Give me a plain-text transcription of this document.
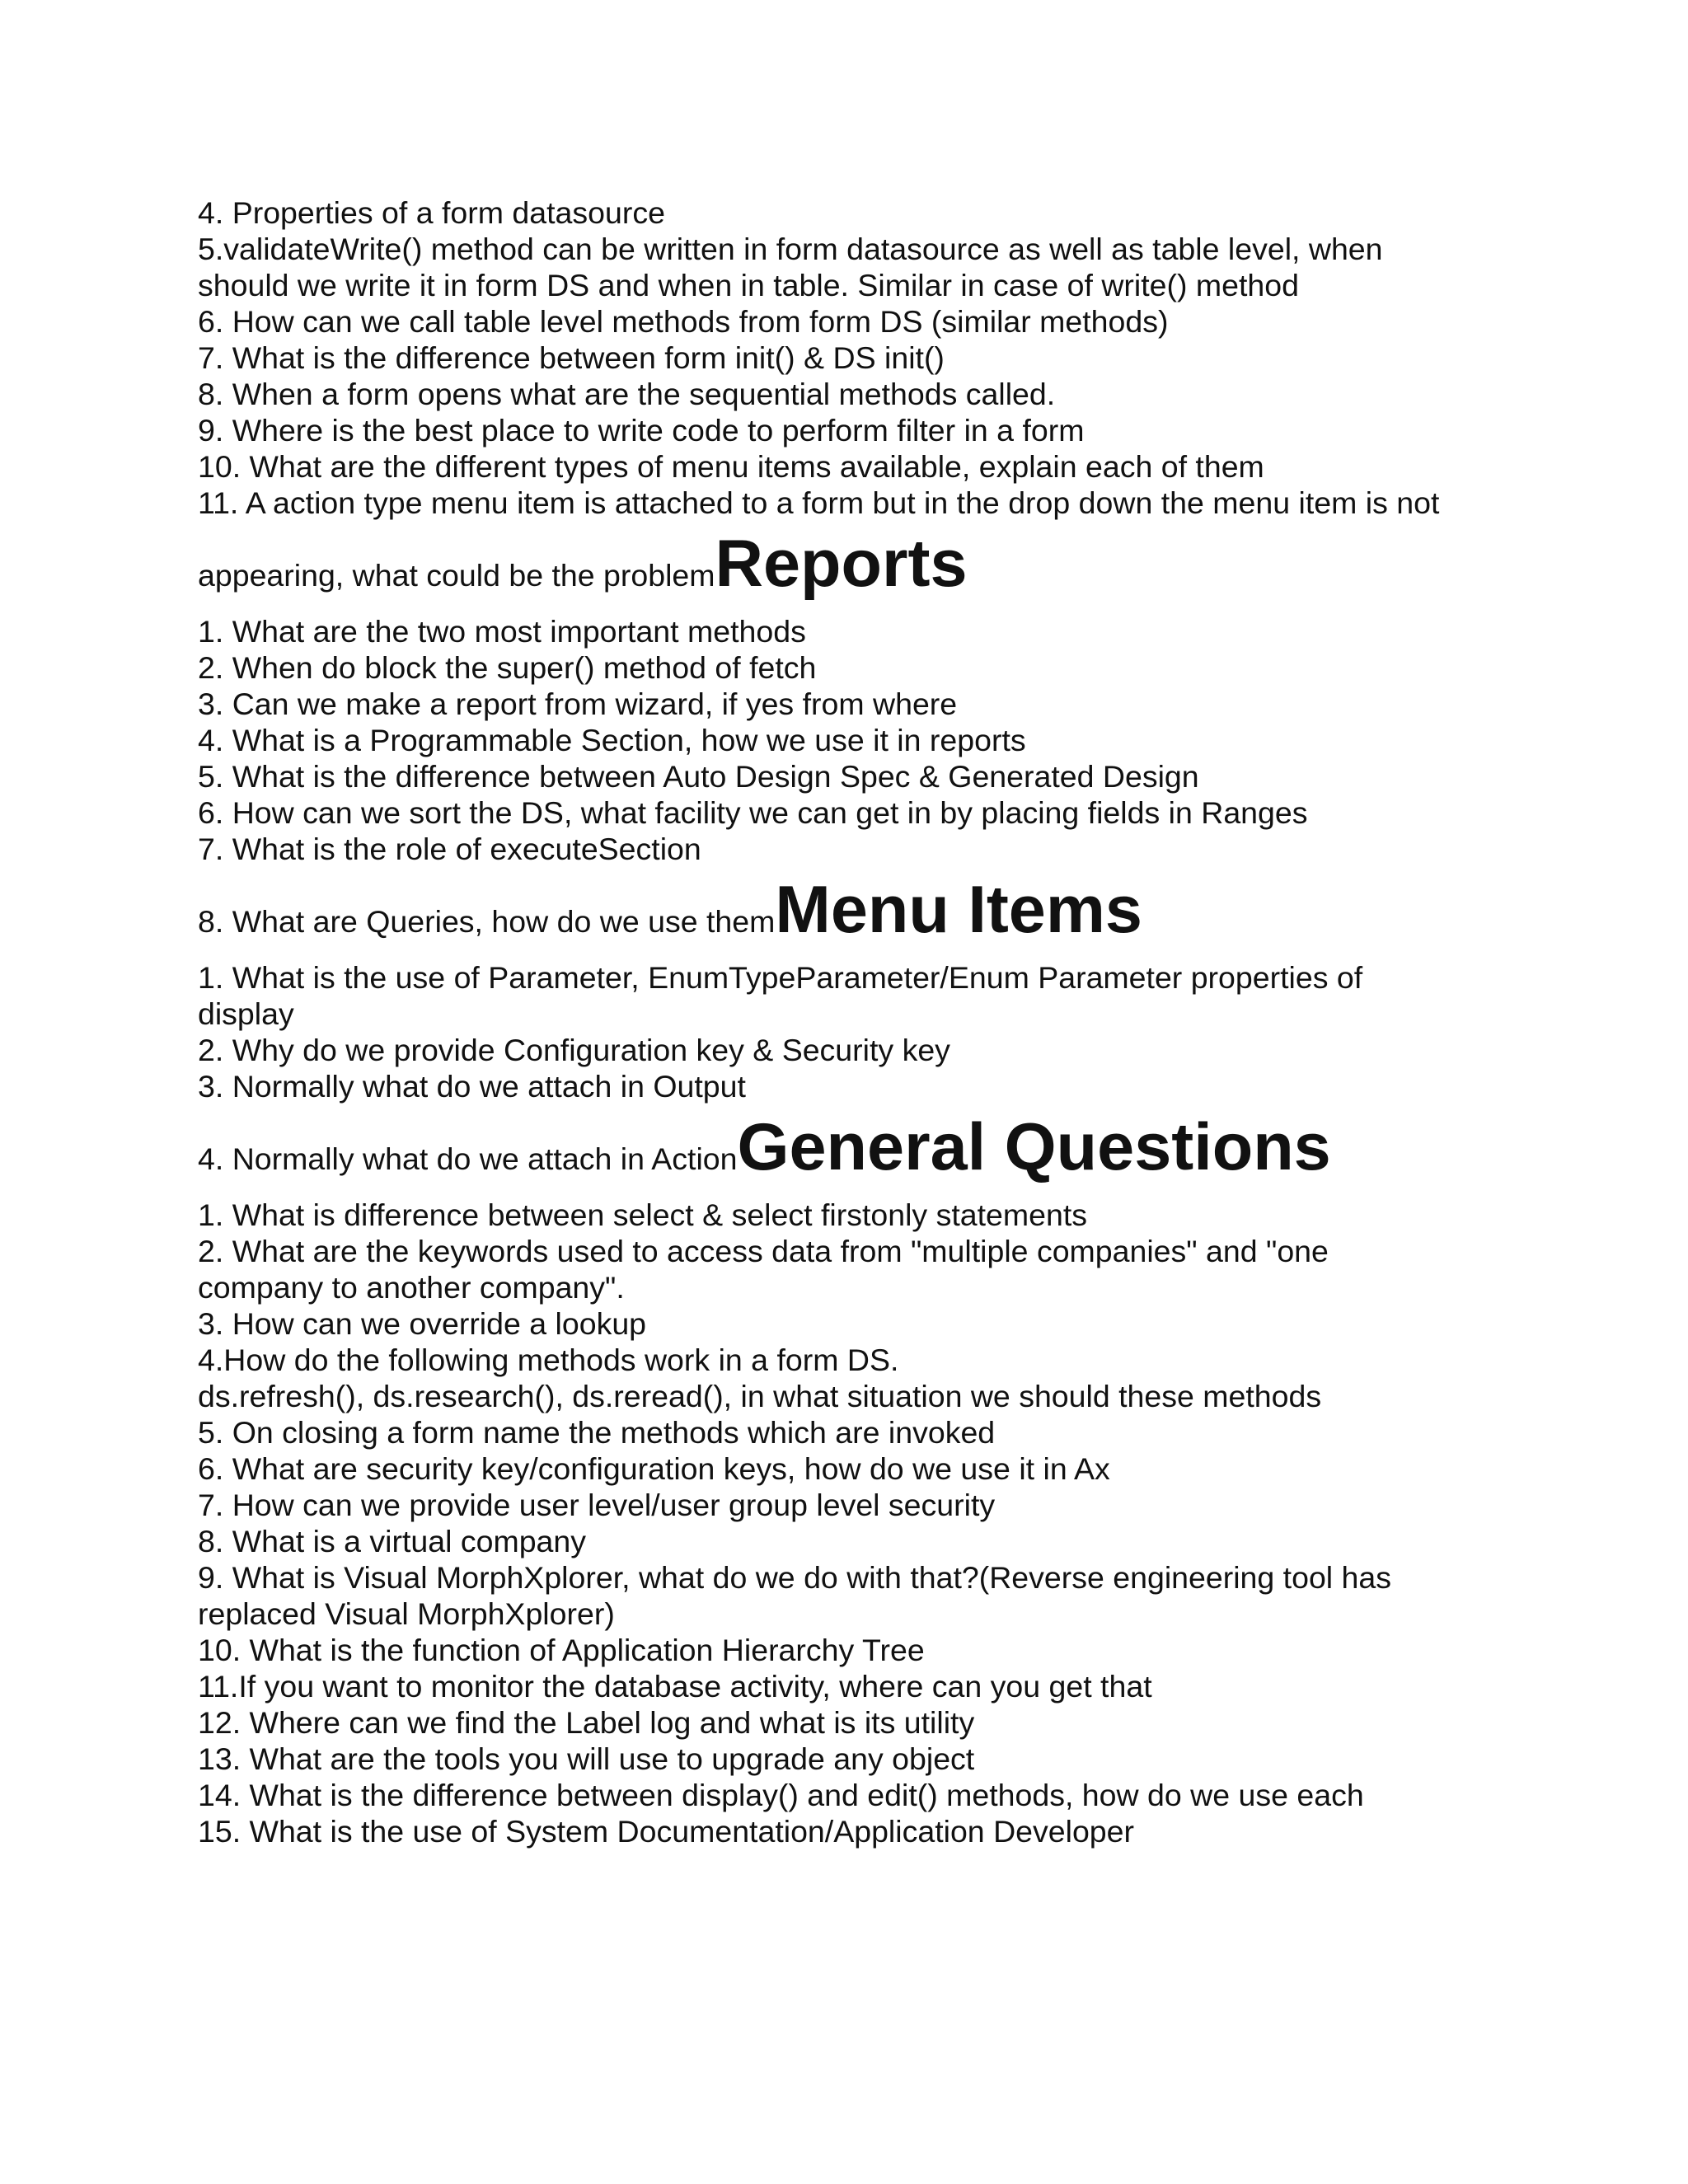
4. Properties of a form datasource

5.validateWrite() method can be written in form datasource as well as table level, when

should we write it in form DS and when in table. Similar in case of write() method

6. How can we call table level methods from form DS (similar methods)

7. What is the difference between form init() & DS init()

8. When a form opens what are the sequential methods called.

9. Where is the best place to write code to perform filter in a form

10. What are the different types of menu items available, explain each of them

11. A action type menu item is attached to a form but in the drop down the menu item is not

appearing, what could be the problemReports

1. What are the two most important methods

2. When do block the super() method of fetch

3. Can we make a report from wizard, if yes from where

4. What is a Programmable Section, how we use it in reports

5. What is the difference between Auto Design Spec & Generated Design

6. How can we sort the DS, what facility we can get in by placing fields in Ranges

7. What is the role of executeSection

8. What are Queries, how do we use themMenu Items

1. What is the use of Parameter, EnumTypeParameter/Enum Parameter properties of

display

2. Why do we provide Configuration key & Security key

3. Normally what do we attach in Output

4. Normally what do we attach in ActionGeneral Questions

1. What is difference between select & select firstonly statements

2. What are the keywords used to access data from "multiple companies" and "one

company to another company".

3. How can we override a lookup

4.How do the following methods work in a form DS.

ds.refresh(), ds.research(), ds.reread(), in what situation we should these methods

5. On closing a form name the methods which are invoked

6. What are security key/configuration keys, how do we use it in Ax

7. How can we provide user level/user group level security

8. What is a virtual company

9. What is Visual MorphXplorer, what do we do with that?(Reverse engineering tool has

replaced Visual MorphXplorer)

10. What is the function of Application Hierarchy Tree

11.If you want to monitor the database activity, where can you get that

12. Where can we find the Label log and what is its utility

13. What are the tools you will use to upgrade any object

14. What is the difference between display() and edit() methods, how do we use each

15. What is the use of System Documentation/Application Developer
